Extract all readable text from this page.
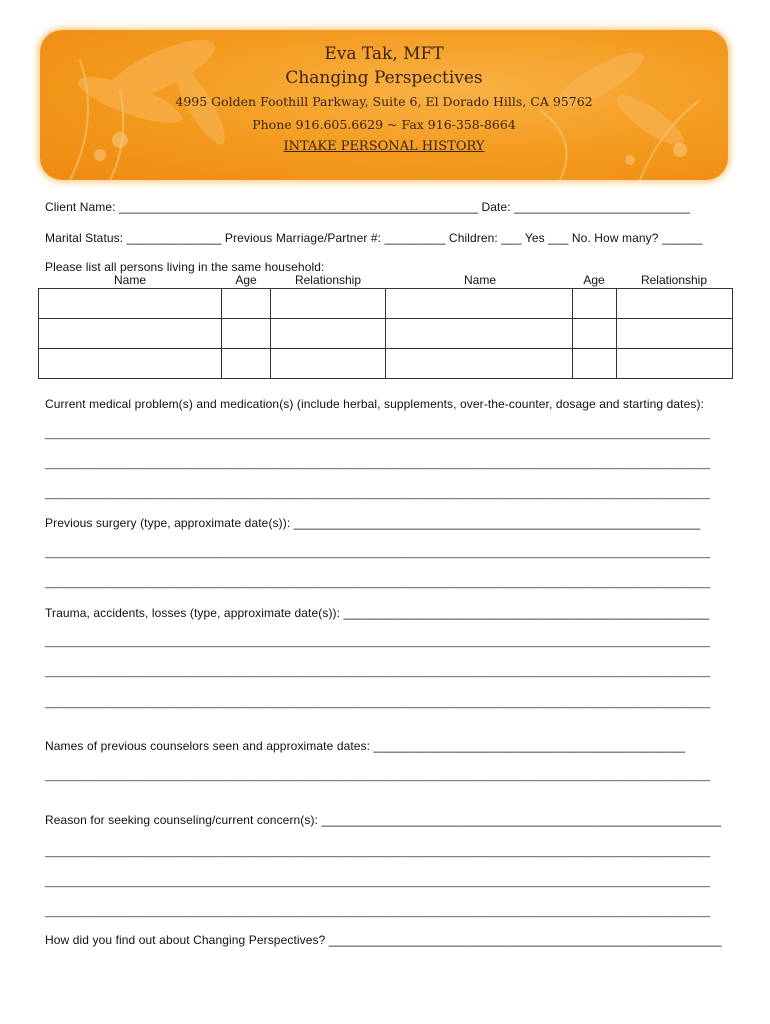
Eva Tak, MFT
Changing Perspectives
4995 Golden Foothill Parkway, Suite 6, El Dorado Hills, CA 95762
Phone 916.605.6629 ~ Fax 916-358-8664
INTAKE PERSONAL HISTORY
Client Name: _____________________________________________________ Date: __________________________
Marital Status: ______________ Previous Marriage/Partner #: _________ Children: ___ Yes ___ No. How many? ______
Please list all persons living in the same household:
Name	Age	Relationship	Name	Age	Relationship

Current medical problem(s) and medication(s) (include herbal, supplements, over-the-counter, dosage and starting dates):
________________________________________________________________________________________________________________
________________________________________________________________________________________________________________
________________________________________________________________________________________________________________
Previous surgery (type, approximate date(s)): ____________________________________________________________
________________________________________________________________________________________________________________
________________________________________________________________________________________________________________
Trauma, accidents, losses (type, approximate date(s)): ______________________________________________________
________________________________________________________________________________________________________________
________________________________________________________________________________________________________________
________________________________________________________________________________________________________________
Names of previous counselors seen and approximate dates: ______________________________________________
________________________________________________________________________________________________________________
Reason for seeking counseling/current concern(s): ___________________________________________________________
________________________________________________________________________________________________________________
________________________________________________________________________________________________________________
________________________________________________________________________________________________________________
How did you find out about Changing Perspectives? __________________________________________________________
